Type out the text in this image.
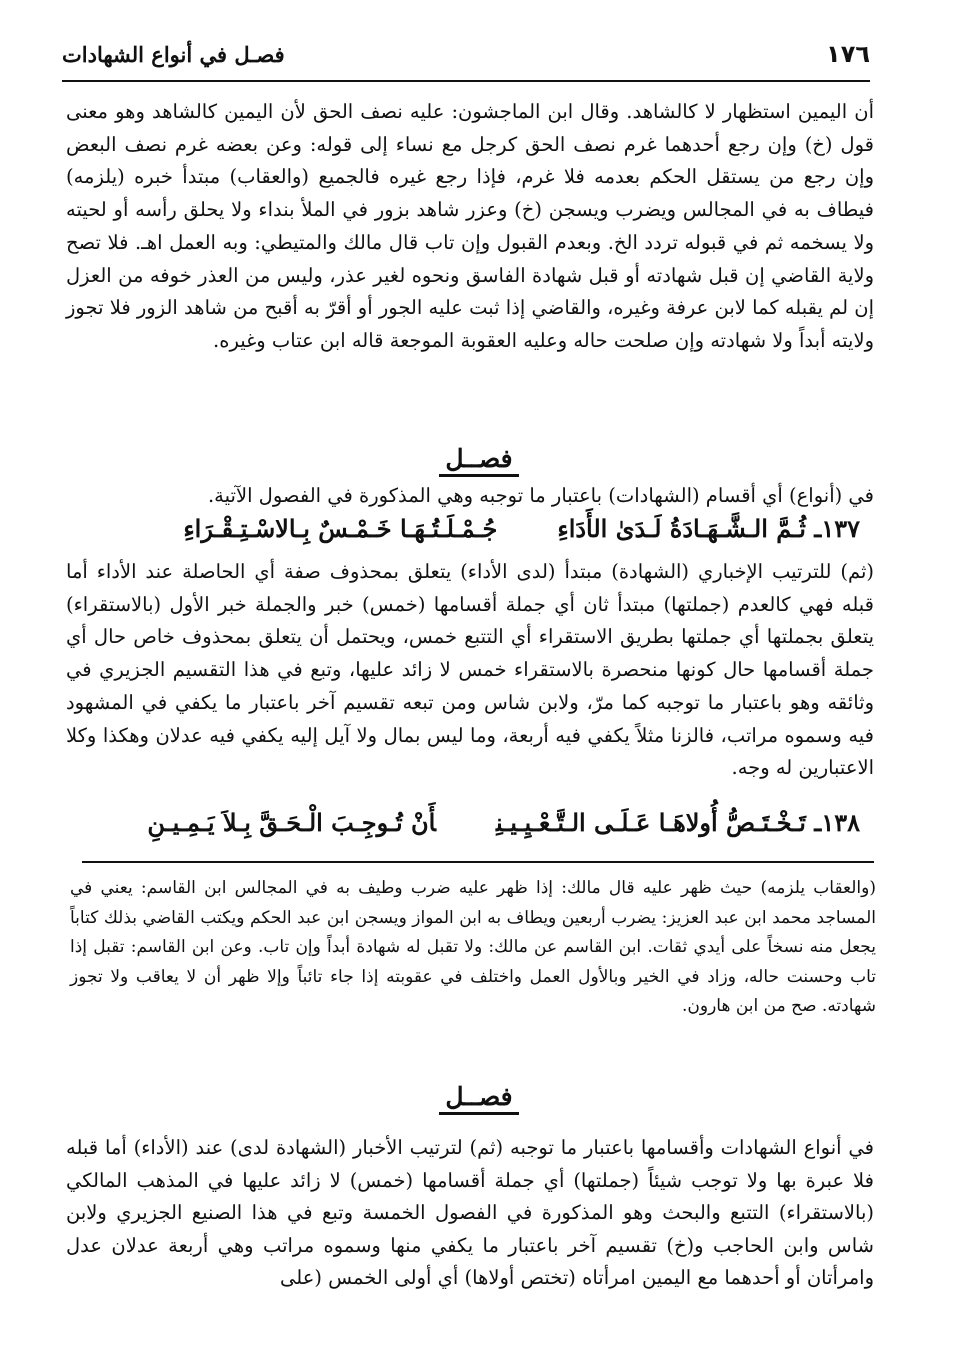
١٧٦
فصـل في أنواع الشهادات

أن اليمين استظهار لا كالشاهد. وقال ابن الماجشون: عليه نصف الحق لأن اليمين كالشاهد وهو معنى قول (خ) وإن رجع أحدهما غرم نصف الحق كرجل مع نساء إلى قوله: وعن بعضه غرم نصف البعض وإن رجع من يستقل الحكم بعدمه فلا غرم، فإذا رجع غيره فالجميع (والعقاب) مبتدأ خبره (يلزمه) فيطاف به في المجالس ويضرب ويسجن (خ) وعزر شاهد بزور في الملأ بنداء ولا يحلق رأسه أو لحيته ولا يسخمه ثم في قبوله تردد الخ. وبعدم القبول وإن تاب قال مالك والمتيطي: وبه العمل اهـ. فلا تصح ولاية القاضي إن قبل شهادته أو قبل شهادة الفاسق ونحوه لغير عذر، وليس من العذر خوفه من العزل إن لم يقبله كما لابن عرفة وغيره، والقاضي إذا ثبت عليه الجور أو أقرّ به أقبح من شاهد الزور فلا تجوز ولايته أبداً ولا شهادته وإن صلحت حاله وعليه العقوبة الموجعة قاله ابن عتاب وغيره.

فصــل

في (أنواع) أي أقسام (الشهادات) باعتبار ما توجبه وهي المذكورة في الفصول الآتية.

١٣٧ـ ثُـمَّ الـشَّـهَـادَةُ لَـدَىٰ الأَدَاءِجُـمْـلَـتُـهَـا خَـمْـسٌ بِـالاسْـتِـقْـرَاءِ

(ثم) للترتيب الإخباري (الشهادة) مبتدأ (لدى الأداء) يتعلق بمحذوف صفة أي الحاصلة عند الأداء أما قبله فهي كالعدم (جملتها) مبتدأ ثان أي جملة أقسامها (خمس) خبر والجملة خبر الأول (بالاستقراء) يتعلق بجملتها أي جملتها بطريق الاستقراء أي التتبع خمس، ويحتمل أن يتعلق بمحذوف خاص حال أي جملة أقسامها حال كونها منحصرة بالاستقراء خمس لا زائد عليها، وتبع في هذا التقسيم الجزيري في وثائقه وهو باعتبار ما توجبه كما مرّ، ولابن شاس ومن تبعه تقسيم آخر باعتبار ما يكفي في المشهود فيه وسموه مراتب، فالزنا مثلاً يكفي فيه أربعة، وما ليس بمال ولا آيل إليه يكفي فيه عدلان وهكذا وكلا الاعتبارين له وجه.

١٣٨ـ تَـخْـتَـصُّ أُولاهَـا عَـلَـى الـتَّـعْـيِـيـنِأَنْ تُـوجِـبَ الْـحَـقَّ بِـلاَ يَـمِـيـنِ

(والعقاب يلزمه) حيث ظهر عليه قال مالك: إذا ظهر عليه ضرب وطيف به في المجالس ابن القاسم: يعني في المساجد محمد ابن عبد العزيز: يضرب أربعين ويطاف به ابن المواز ويسجن ابن عبد الحكم ويكتب القاضي بذلك كتاباً يجعل منه نسخاً على أيدي ثقات. ابن القاسم عن مالك: ولا تقبل له شهادة أبداً وإن تاب. وعن ابن القاسم: تقبل إذا تاب وحسنت حاله، وزاد في الخير وبالأول العمل واختلف في عقوبته إذا جاء تائباً وإلا ظهر أن لا يعاقب ولا تجوز شهادته. صح من ابن هارون.

فصــل

في أنواع الشهادات وأقسامها باعتبار ما توجبه (ثم) لترتيب الأخبار (الشهادة لدى) عند (الأداء) أما قبله فلا عبرة بها ولا توجب شيئاً (جملتها) أي جملة أقسامها (خمس) لا زائد عليها في المذهب المالكي (بالاستقراء) التتبع والبحث وهو المذكورة في الفصول الخمسة وتبع في هذا الصنيع الجزيري ولابن شاس وابن الحاجب و(خ) تقسيم آخر باعتبار ما يكفي منها وسموه مراتب وهي أربعة عدلان عدل وامرأتان أو أحدهما مع اليمين امرأتاه (تختص أولاها) أي أولى الخمس (على
